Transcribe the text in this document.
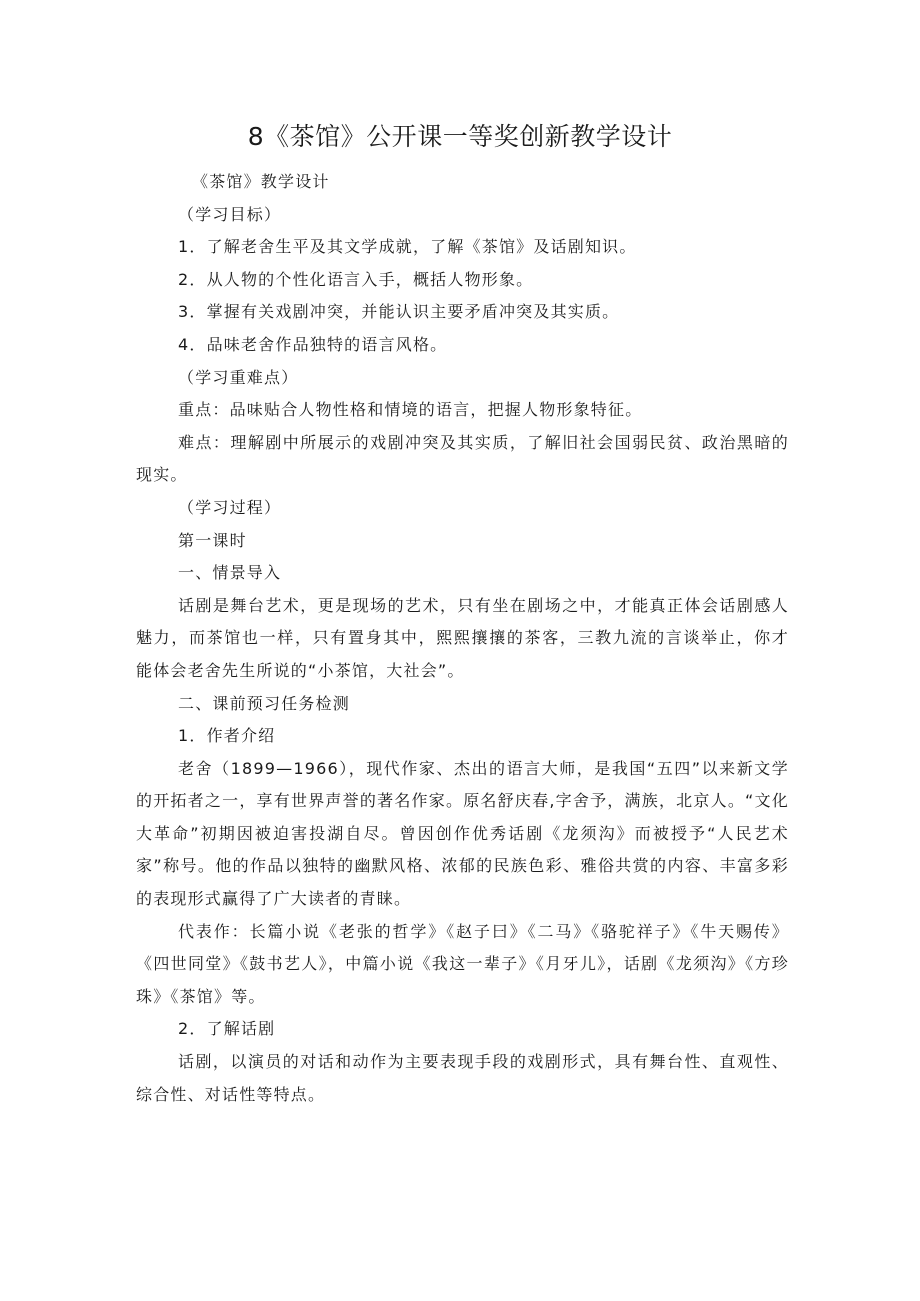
8《茶馆》公开课一等奖创新教学设计

《茶馆》教学设计

（学习目标）

1．了解老舍生平及其文学成就，了解《茶馆》及话剧知识。

2．从人物的个性化语言入手，概括人物形象。

3．掌握有关戏剧冲突，并能认识主要矛盾冲突及其实质。

4．品味老舍作品独特的语言风格。

（学习重难点）

重点：品味贴合人物性格和情境的语言，把握人物形象特征。

难点：理解剧中所展示的戏剧冲突及其实质，了解旧社会国弱民贫、政治黑暗的现实。

（学习过程）

第一课时

一、情景导入

话剧是舞台艺术，更是现场的艺术，只有坐在剧场之中，才能真正体会话剧感人魅力，而茶馆也一样，只有置身其中，熙熙攘攘的茶客，三教九流的言谈举止，你才能体会老舍先生所说的“小茶馆，大社会”。

二、课前预习任务检测

1．作者介绍

老舍（1899—1966），现代作家、杰出的语言大师，是我国“五四”以来新文学的开拓者之一，享有世界声誉的著名作家。原名舒庆春,字舍予，满族，北京人。“文化大革命”初期因被迫害投湖自尽。曾因创作优秀话剧《龙须沟》而被授予“人民艺术家”称号。他的作品以独特的幽默风格、浓郁的民族色彩、雅俗共赏的内容、丰富多彩的表现形式赢得了广大读者的青睐。

代表作：长篇小说《老张的哲学》《赵子曰》《二马》《骆驼祥子》《牛天赐传》《四世同堂》《鼓书艺人》，中篇小说《我这一辈子》《月牙儿》，话剧《龙须沟》《方珍珠》《茶馆》等。

2．了解话剧

话剧，以演员的对话和动作为主要表现手段的戏剧形式，具有舞台性、直观性、综合性、对话性等特点。
